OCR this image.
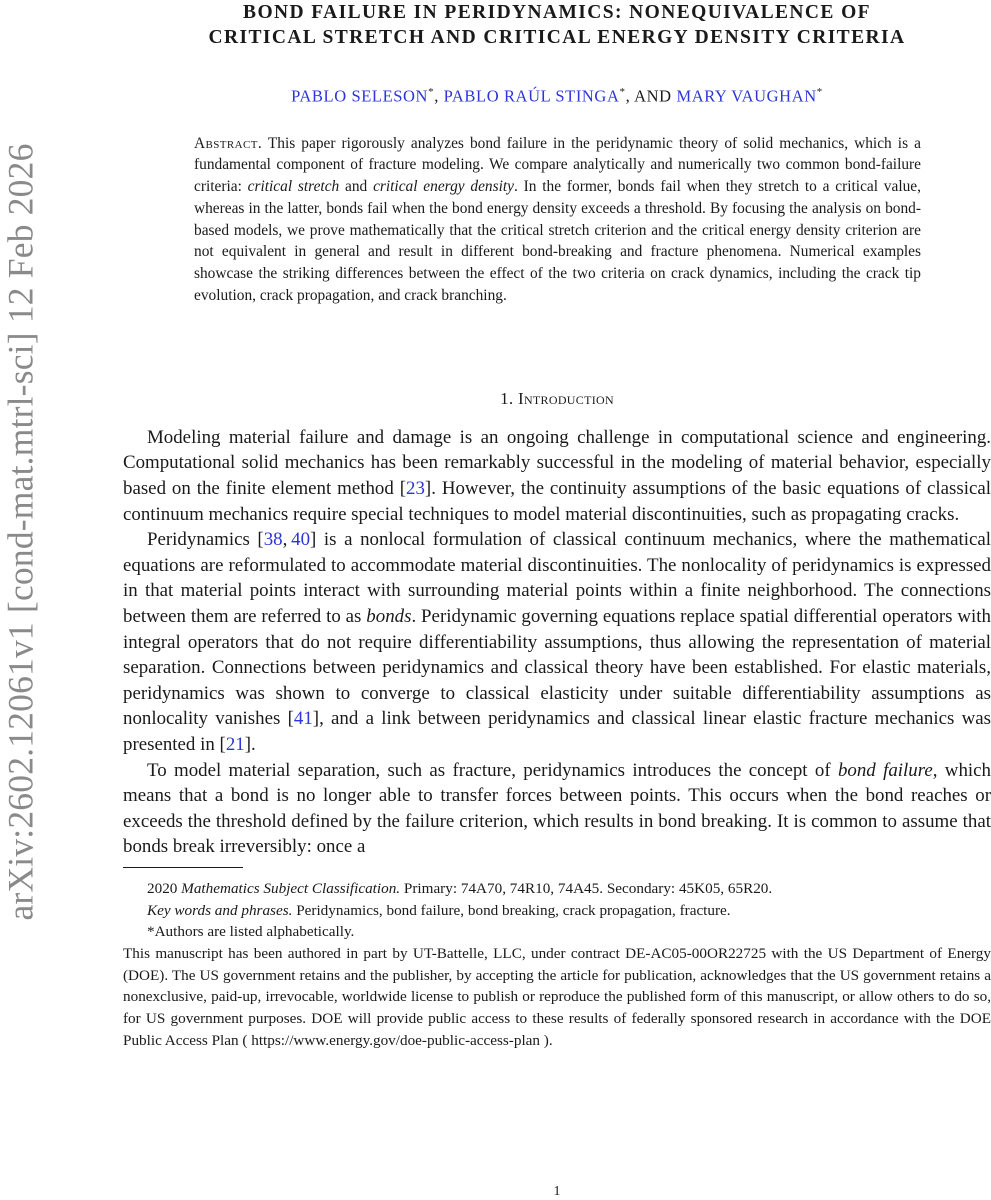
arXiv:2602.12061v1 [cond-mat.mtrl-sci] 12 Feb 2026
BOND FAILURE IN PERIDYNAMICS: NONEQUIVALENCE OF
CRITICAL STRETCH AND CRITICAL ENERGY DENSITY CRITERIA
PABLO SELESON*, PABLO RAÚL STINGA*, AND MARY VAUGHAN*
Abstract. This paper rigorously analyzes bond failure in the peridynamic theory of solid mechanics, which is a fundamental component of fracture modeling. We compare analytically and numerically two common bond-failure criteria: critical stretch and critical energy density. In the former, bonds fail when they stretch to a critical value, whereas in the latter, bonds fail when the bond energy density exceeds a threshold. By focusing the analysis on bond-based models, we prove mathematically that the critical stretch criterion and the critical energy density criterion are not equivalent in general and result in different bond-breaking and fracture phenomena. Numerical examples showcase the striking differences between the effect of the two criteria on crack dynamics, including the crack tip evolution, crack propagation, and crack branching.
1. Introduction

Modeling material failure and damage is an ongoing challenge in computational science and engineering. Computational solid mechanics has been remarkably successful in the modeling of material behavior, especially based on the finite element method [23]. However, the continuity assumptions of the basic equations of classical continuum mechanics require special techniques to model material discontinuities, such as propagating cracks.

Peridynamics [38, 40] is a nonlocal formulation of classical continuum mechanics, where the mathematical equations are reformulated to accommodate material discontinuities. The nonlocality of peridynamics is expressed in that material points interact with surrounding material points within a finite neighborhood. The connections between them are referred to as bonds. Peridynamic governing equations replace spatial differential operators with integral operators that do not require differentiability assumptions, thus allowing the representation of material separation. Connections between peridynamics and classical theory have been established. For elastic materials, peridynamics was shown to converge to classical elasticity under suitable differentiability assumptions as nonlocality vanishes [41], and a link between peridynamics and classical linear elastic fracture mechanics was presented in [21].

To model material separation, such as fracture, peridynamics introduces the concept of bond failure, which means that a bond is no longer able to transfer forces between points. This occurs when the bond reaches or exceeds the threshold defined by the failure criterion, which results in bond breaking. It is common to assume that bonds break irreversibly: once a

2020 Mathematics Subject Classification. Primary: 74A70, 74R10, 74A45. Secondary: 45K05, 65R20.
Key words and phrases. Peridynamics, bond failure, bond breaking, crack propagation, fracture.
*Authors are listed alphabetically.
This manuscript has been authored in part by UT-Battelle, LLC, under contract DE-AC05-00OR22725 with the US Department of Energy (DOE). The US government retains and the publisher, by accepting the article for publication, acknowledges that the US government retains a nonexclusive, paid-up, irrevocable, worldwide license to publish or reproduce the published form of this manuscript, or allow others to do so, for US government purposes. DOE will provide public access to these results of federally sponsored research in accordance with the DOE Public Access Plan ( https://www.energy.gov/doe-public-access-plan ).
1
